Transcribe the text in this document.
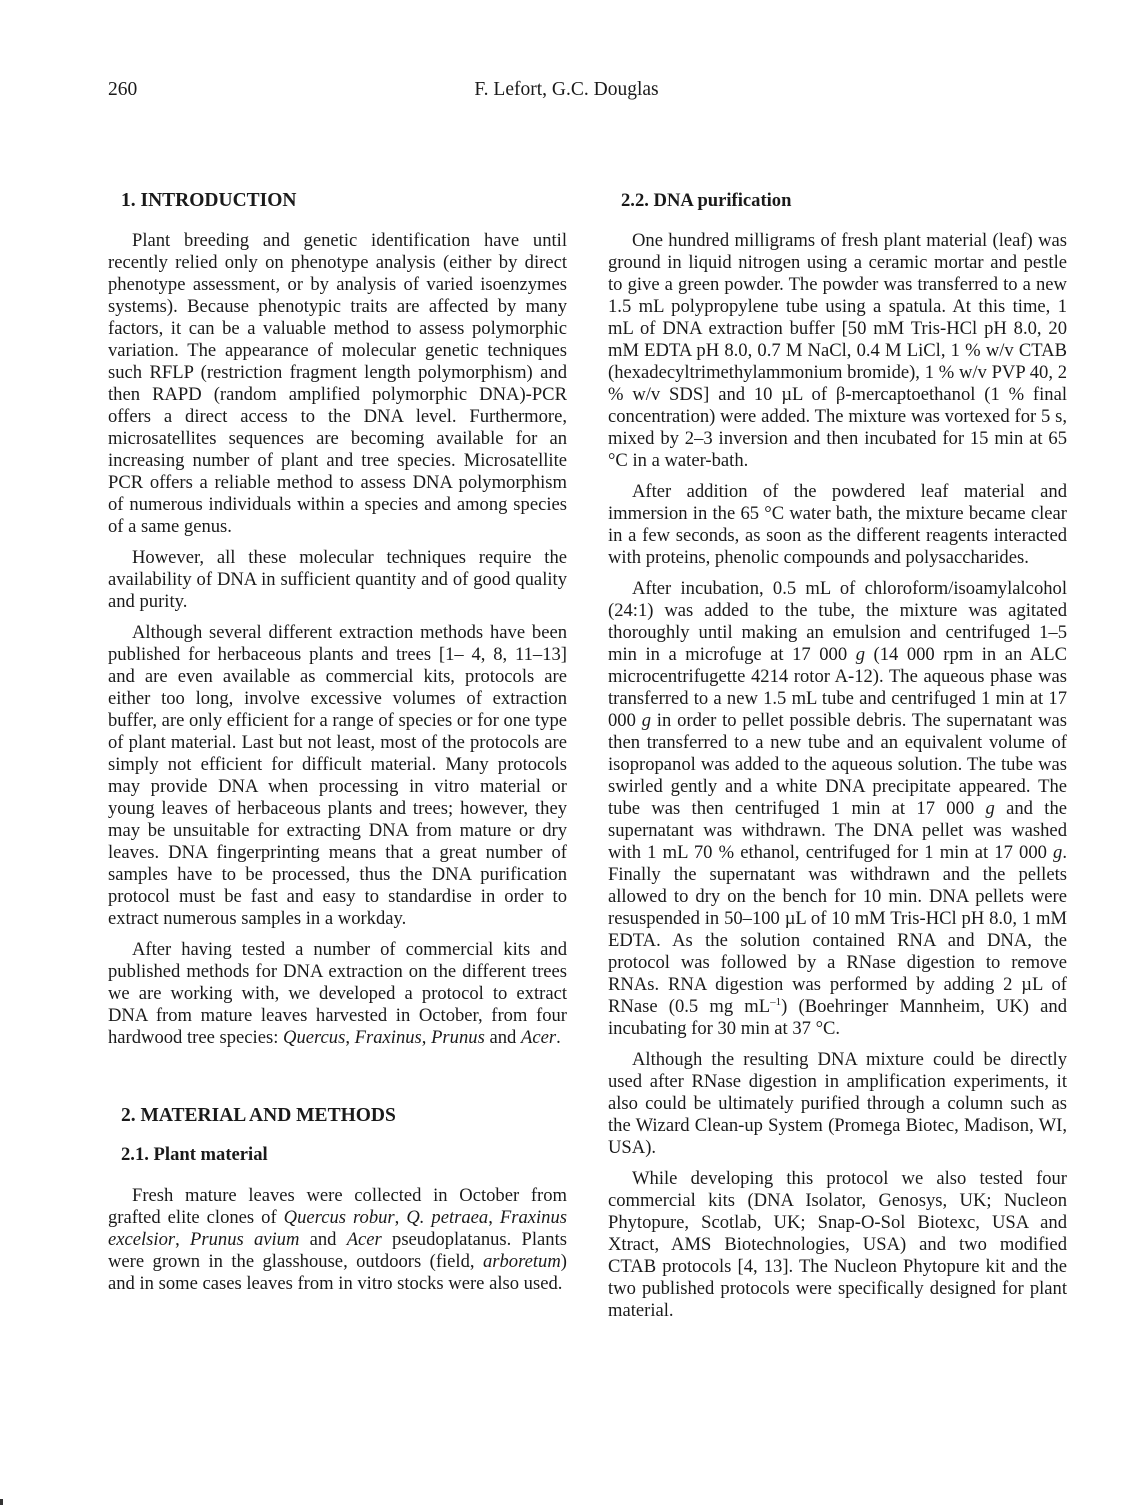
260	F. Lefort, G.C. Douglas
1. INTRODUCTION

Plant breeding and genetic identification have until recently relied only on phenotype analysis (either by direct phenotype assessment, or by analysis of varied isoenzymes systems). Because phenotypic traits are affected by many factors, it can be a valuable method to assess polymorphic variation. The appearance of molecular genetic techniques such RFLP (restriction fragment length polymorphism) and then RAPD (random amplified polymorphic DNA)-PCR offers a direct access to the DNA level. Furthermore, microsatellites sequences are becoming available for an increasing number of plant and tree species. Microsatellite PCR offers a reliable method to assess DNA polymorphism of numerous individuals within a species and among species of a same genus.

However, all these molecular techniques require the availability of DNA in sufficient quantity and of good quality and purity.

Although several different extraction methods have been published for herbaceous plants and trees [1– 4, 8, 11–13] and are even available as commercial kits, protocols are either too long, involve excessive volumes of extraction buffer, are only efficient for a range of species or for one type of plant material. Last but not least, most of the protocols are simply not efficient for difficult material. Many protocols may provide DNA when processing in vitro material or young leaves of herbaceous plants and trees; however, they may be unsuitable for extracting DNA from mature or dry leaves. DNA fingerprinting means that a great number of samples have to be processed, thus the DNA purification protocol must be fast and easy to standardise in order to extract numerous samples in a workday.

After having tested a number of commercial kits and published methods for DNA extraction on the different trees we are working with, we developed a protocol to extract DNA from mature leaves harvested in October, from four hardwood tree species: Quercus, Fraxinus, Prunus and Acer.

2. MATERIAL AND METHODS
2.1. Plant material

Fresh mature leaves were collected in October from grafted elite clones of Quercus robur, Q. petraea, Fraxinus excelsior, Prunus avium and Acer pseudoplatanus. Plants were grown in the glasshouse, outdoors (field, arboretum) and in some cases leaves from in vitro stocks were also used.

2.2. DNA purification

One hundred milligrams of fresh plant material (leaf) was ground in liquid nitrogen using a ceramic mortar and pestle to give a green powder. The powder was transferred to a new 1.5 mL polypropylene tube using a spatula. At this time, 1 mL of DNA extraction buffer [50 mM Tris-HCl pH 8.0, 20 mM EDTA pH 8.0, 0.7 M NaCl, 0.4 M LiCl, 1 % w/v CTAB (hexadecyltrimethylammonium bromide), 1 % w/v PVP 40, 2 % w/v SDS] and 10 µL of β-mercaptoethanol (1 % final concentration) were added. The mixture was vortexed for 5 s, mixed by 2–3 inversion and then incubated for 15 min at 65 °C in a water-bath.

After addition of the powdered leaf material and immersion in the 65 °C water bath, the mixture became clear in a few seconds, as soon as the different reagents interacted with proteins, phenolic compounds and polysaccharides.

After incubation, 0.5 mL of chloroform/isoamylalcohol (24:1) was added to the tube, the mixture was agitated thoroughly until making an emulsion and centrifuged 1–5 min in a microfuge at 17 000 g (14 000 rpm in an ALC microcentrifugette 4214 rotor A-12). The aqueous phase was transferred to a new 1.5 mL tube and centrifuged 1 min at 17 000 g in order to pellet possible debris. The supernatant was then transferred to a new tube and an equivalent volume of isopropanol was added to the aqueous solution. The tube was swirled gently and a white DNA precipitate appeared. The tube was then centrifuged 1 min at 17 000 g and the supernatant was withdrawn. The DNA pellet was washed with 1 mL 70 % ethanol, centrifuged for 1 min at 17 000 g. Finally the supernatant was withdrawn and the pellets allowed to dry on the bench for 10 min. DNA pellets were resuspended in 50–100 µL of 10 mM Tris-HCl pH 8.0, 1 mM EDTA. As the solution contained RNA and DNA, the protocol was followed by a RNase digestion to remove RNAs. RNA digestion was performed by adding 2 µL of RNase (0.5 mg $mL^{-1}$) (Boehringer Mannheim, UK) and incubating for 30 min at 37 °C.

Although the resulting DNA mixture could be directly used after RNase digestion in amplification experiments, it also could be ultimately purified through a column such as the Wizard Clean-up System (Promega Biotec, Madison, WI, USA).

While developing this protocol we also tested four commercial kits (DNA Isolator, Genosys, UK; Nucleon Phytopure, Scotlab, UK; Snap-O-Sol Biotexc, USA and Xtract, AMS Biotechnologies, USA) and two modified CTAB protocols [4, 13]. The Nucleon Phytopure kit and the two published protocols were specifically designed for plant material.
